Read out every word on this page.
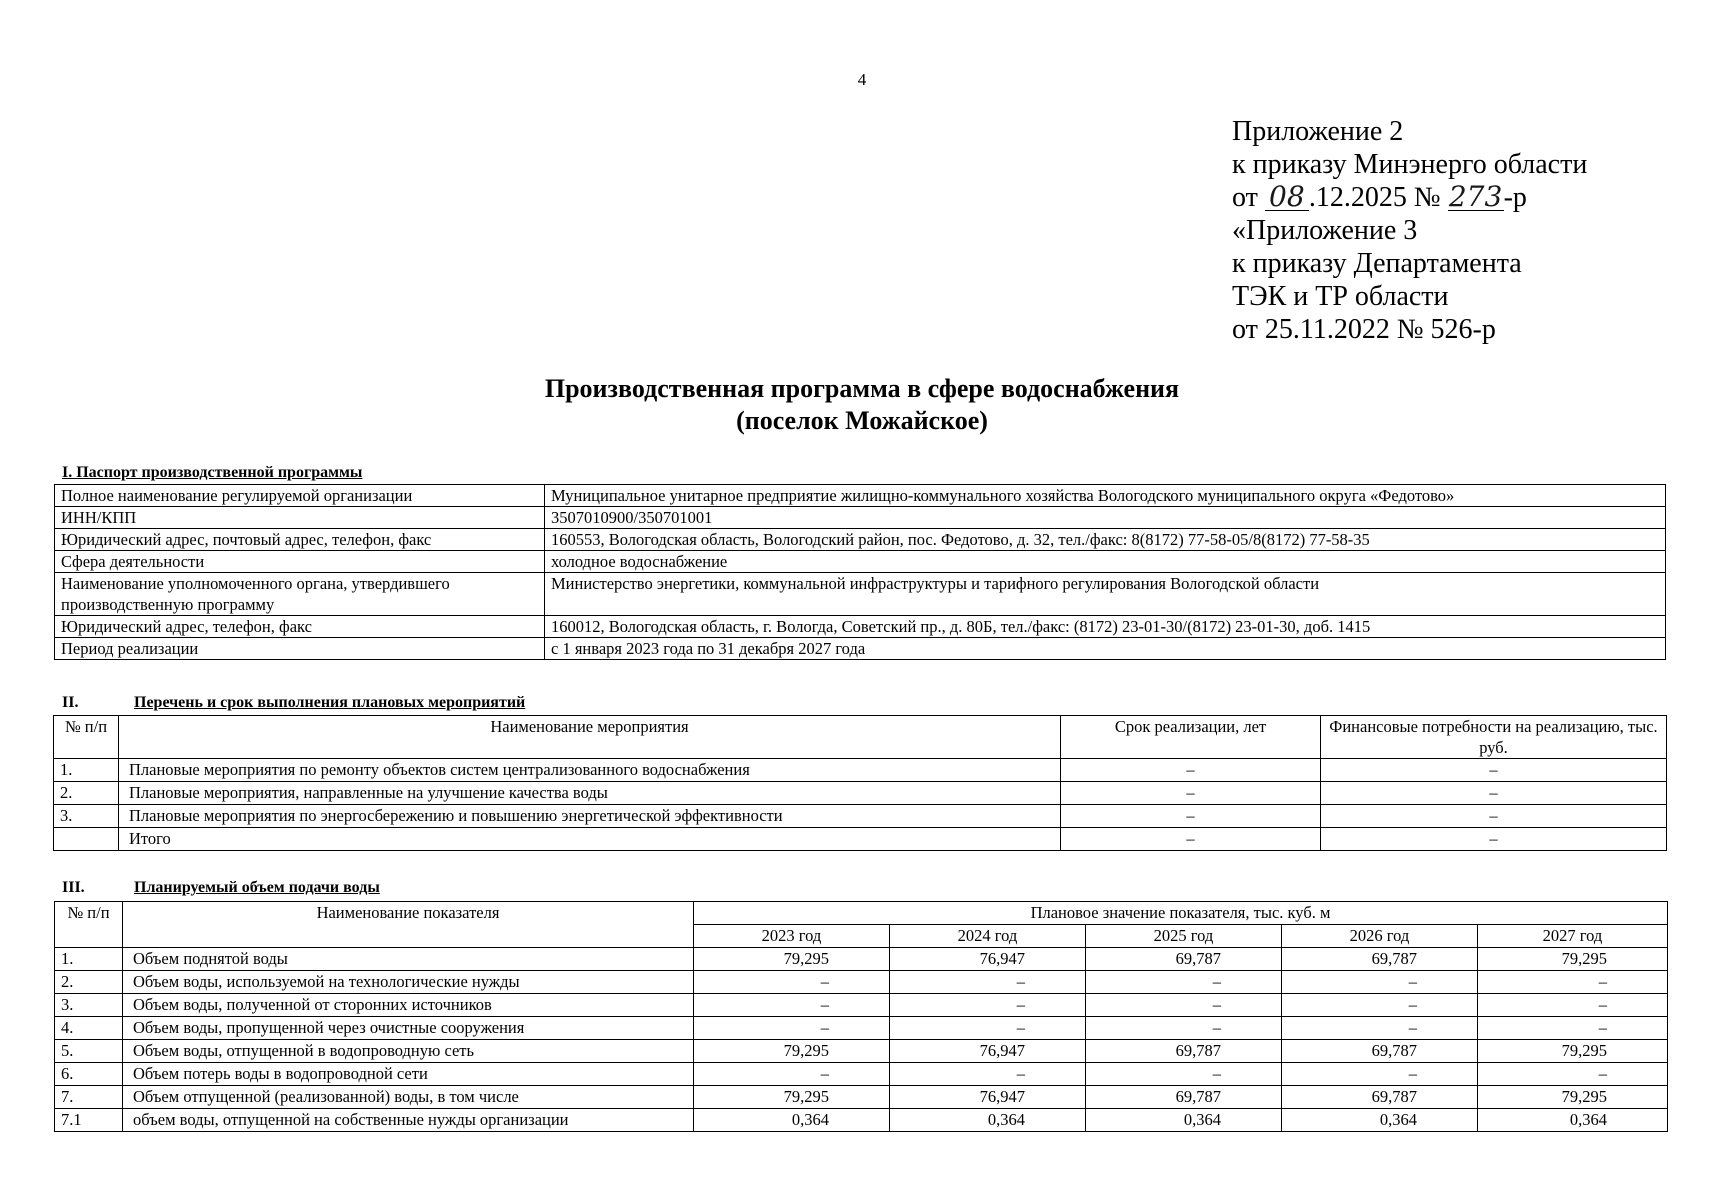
4
Приложение 2
к приказу Минэнерго области
от 08 .12.2025 № 273-р
«Приложение 3
к приказу Департамента
ТЭК и ТР области
от 25.11.2022 № 526-р
Производственная программа в сфере водоснабжения
(поселок Можайское)
I. Паспорт производственной программы
Полное наименование регулируемой организации	Муниципальное унитарное предприятие жилищно-коммунального хозяйства Вологодского муниципального округа «Федотово»
ИНН/КПП	3507010900/350701001
Юридический адрес, почтовый адрес, телефон, факс	160553, Вологодская область, Вологодский район, пос. Федотово, д. 32, тел./факс: 8(8172) 77-58-05/8(8172) 77-58-35
Сфера деятельности	холодное водоснабжение
Наименование уполномоченного органа, утвердившего производственную программу	Министерство энергетики, коммунальной инфраструктуры и тарифного регулирования Вологодской области
Юридический адрес, телефон, факс	160012, Вологодская область, г. Вологда, Советский пр., д. 80Б, тел./факс: (8172) 23-01-30/(8172) 23-01-30, доб. 1415
Период реализации	с 1 января 2023 года по 31 декабря 2027 года
II.	Перечень и срок выполнения плановых мероприятий
№ п/п	Наименование мероприятия	Срок реализации, лет	Финансовые потребности на реализацию, тыс. руб.
1.	Плановые мероприятия по ремонту объектов систем централизованного водоснабжения	–	–
2.	Плановые мероприятия, направленные на улучшение качества воды	–	–
3.	Плановые мероприятия по энергосбережению и повышению энергетической эффективности	–	–
	Итого	–	–
III.	Планируемый объем подачи воды
№ п/п	Наименование показателя	Плановое значение показателя, тыс. куб. м				
		2023 год	2024 год	2025 год	2026 год	2027 год
1.	Объем поднятой воды	79,295	76,947	69,787	69,787	79,295
2.	Объем воды, используемой на технологические нужды	–	–	–	–	–
3.	Объем воды, полученной от сторонних источников	–	–	–	–	–
4.	Объем воды, пропущенной через очистные сооружения	–	–	–	–	–
5.	Объем воды, отпущенной в водопроводную сеть	79,295	76,947	69,787	69,787	79,295
6.	Объем потерь воды в водопроводной сети	–	–	–	–	–
7.	Объем отпущенной (реализованной) воды, в том числе	79,295	76,947	69,787	69,787	79,295
7.1	объем воды, отпущенной на собственные нужды организации	0,364	0,364	0,364	0,364	0,364
